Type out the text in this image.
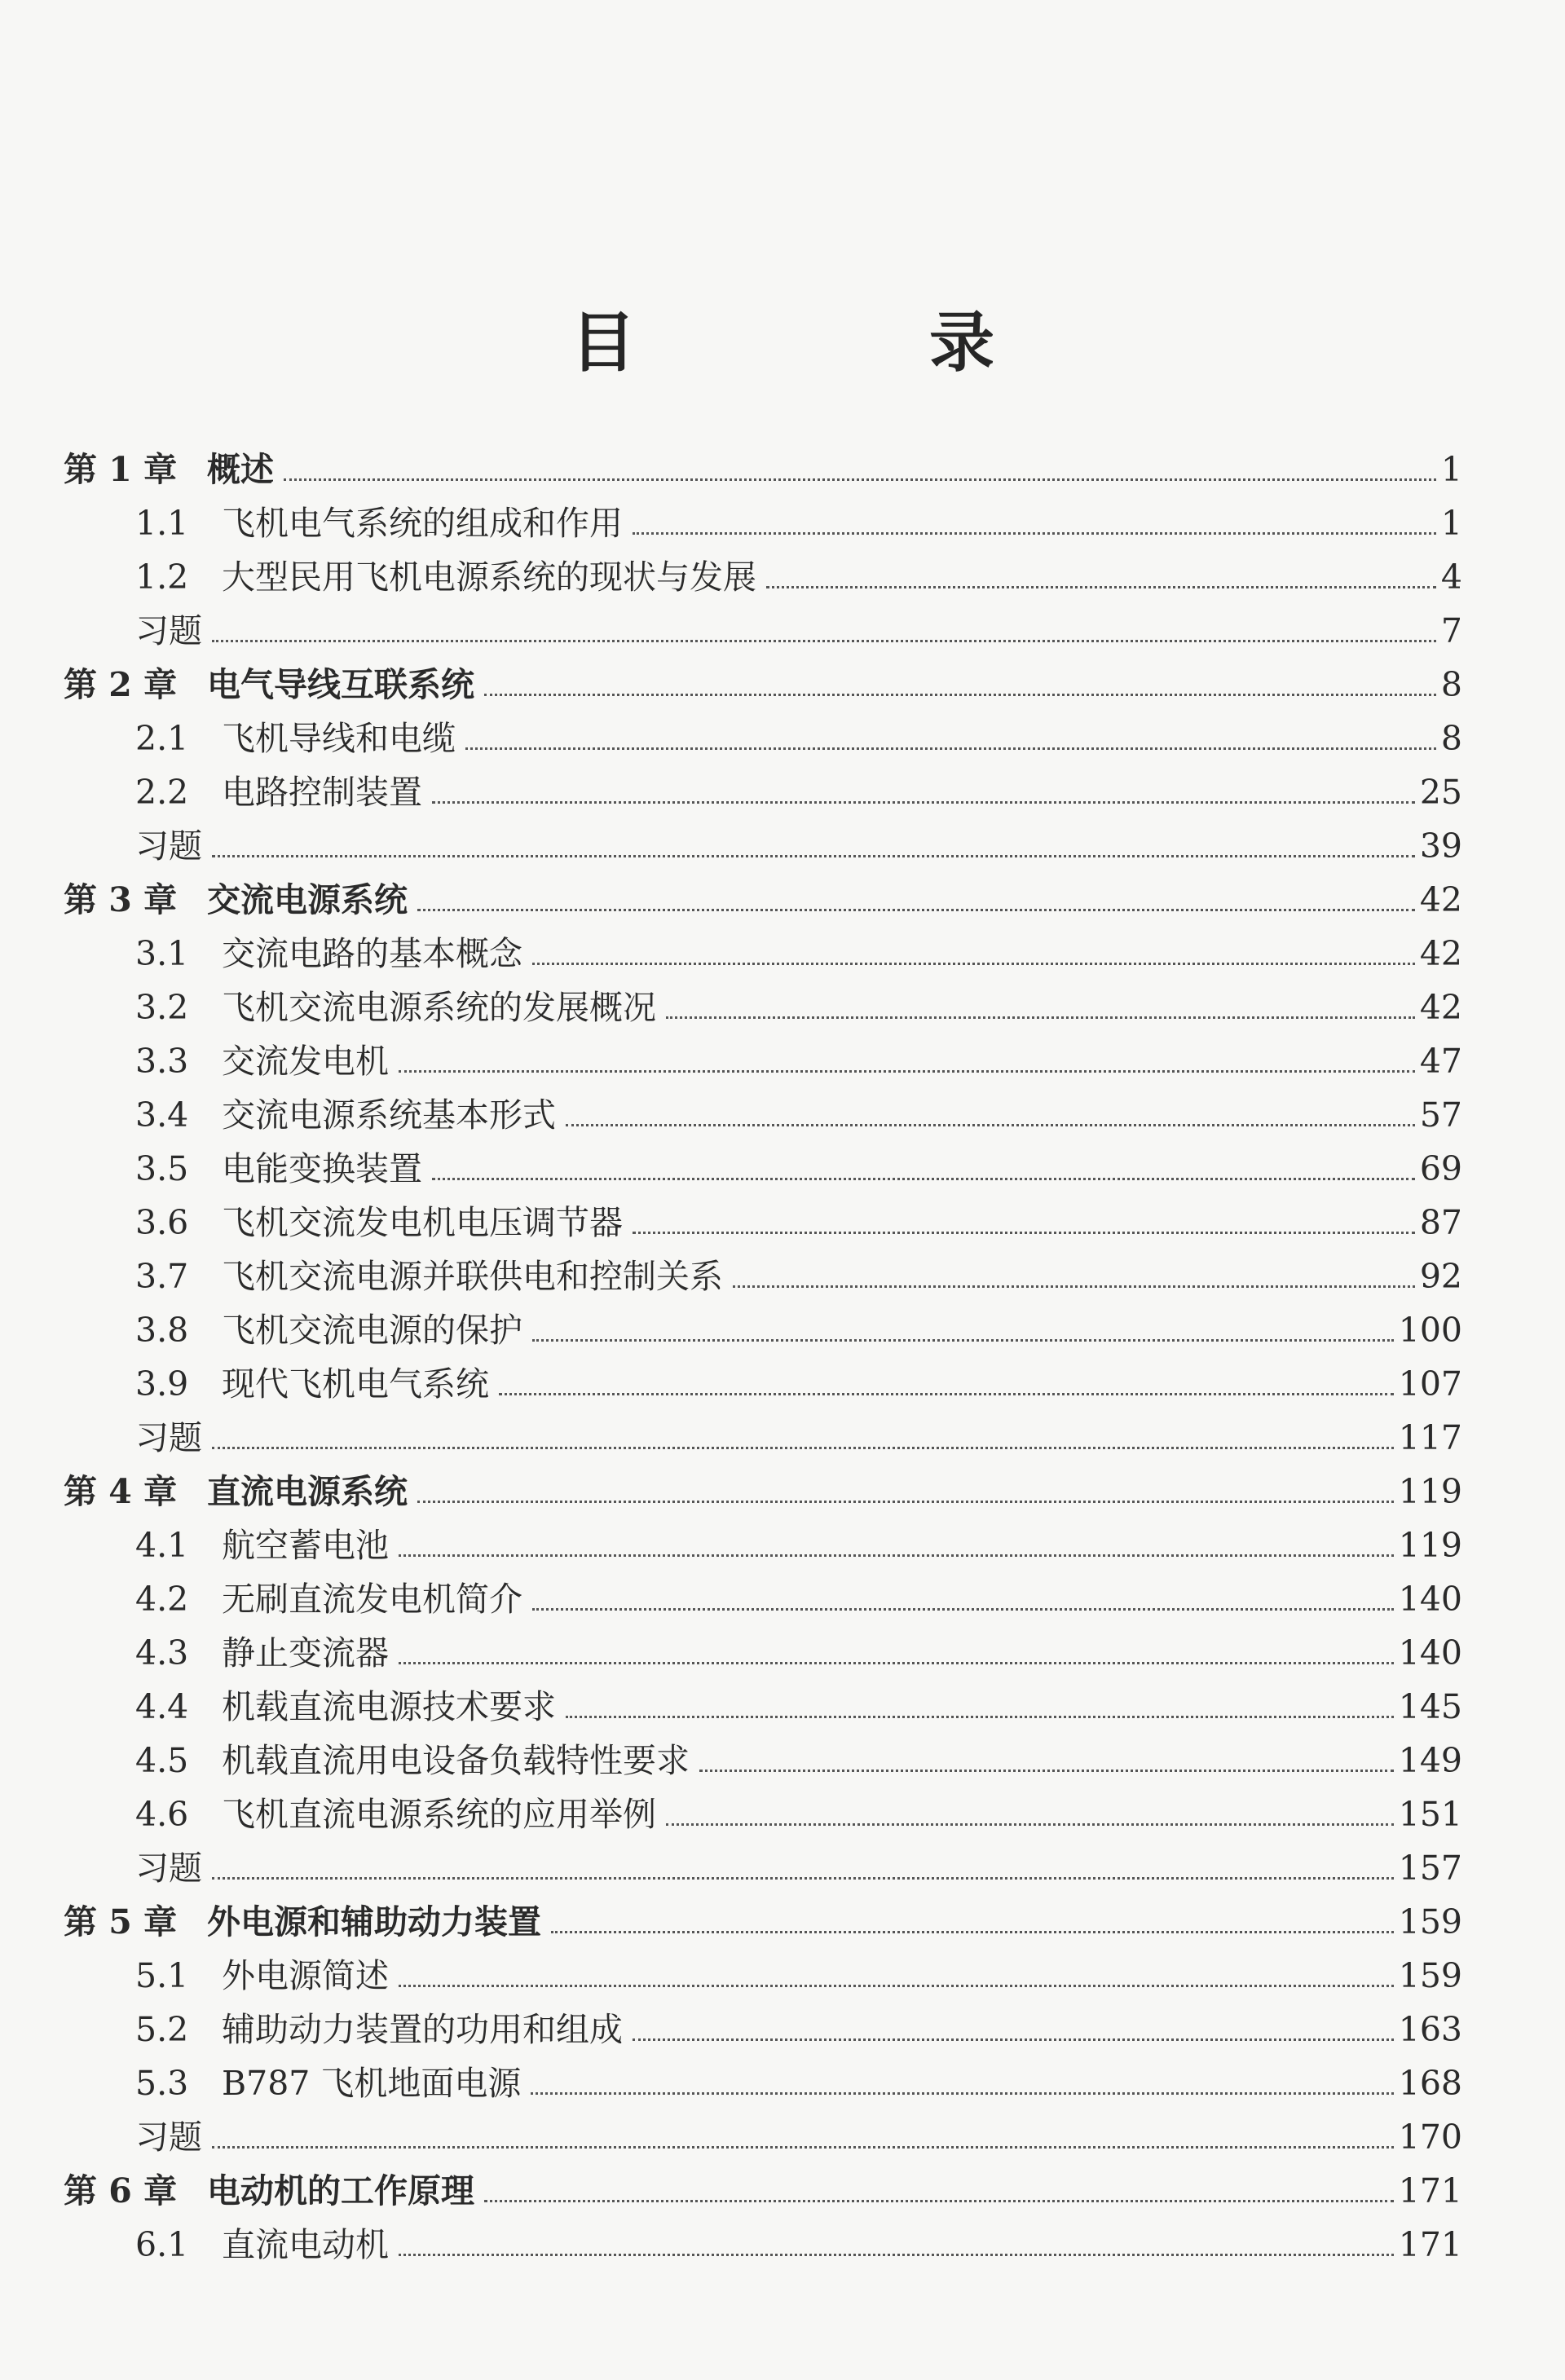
目　录
第 1 章 概述	1
1.1 飞机电气系统的组成和作用	1
1.2 大型民用飞机电源系统的现状与发展	4
习题	7
第 2 章 电气导线互联系统	8
2.1 飞机导线和电缆	8
2.2 电路控制装置	25
习题	39
第 3 章 交流电源系统	42
3.1 交流电路的基本概念	42
3.2 飞机交流电源系统的发展概况	42
3.3 交流发电机	47
3.4 交流电源系统基本形式	57
3.5 电能变换装置	69
3.6 飞机交流发电机电压调节器	87
3.7 飞机交流电源并联供电和控制关系	92
3.8 飞机交流电源的保护	100
3.9 现代飞机电气系统	107
习题	117
第 4 章 直流电源系统	119
4.1 航空蓄电池	119
4.2 无刷直流发电机简介	140
4.3 静止变流器	140
4.4 机载直流电源技术要求	145
4.5 机载直流用电设备负载特性要求	149
4.6 飞机直流电源系统的应用举例	151
习题	157
第 5 章 外电源和辅助动力装置	159
5.1 外电源简述	159
5.2 辅助动力装置的功用和组成	163
5.3 B787 飞机地面电源	168
习题	170
第 6 章 电动机的工作原理	171
6.1 直流电动机	171
